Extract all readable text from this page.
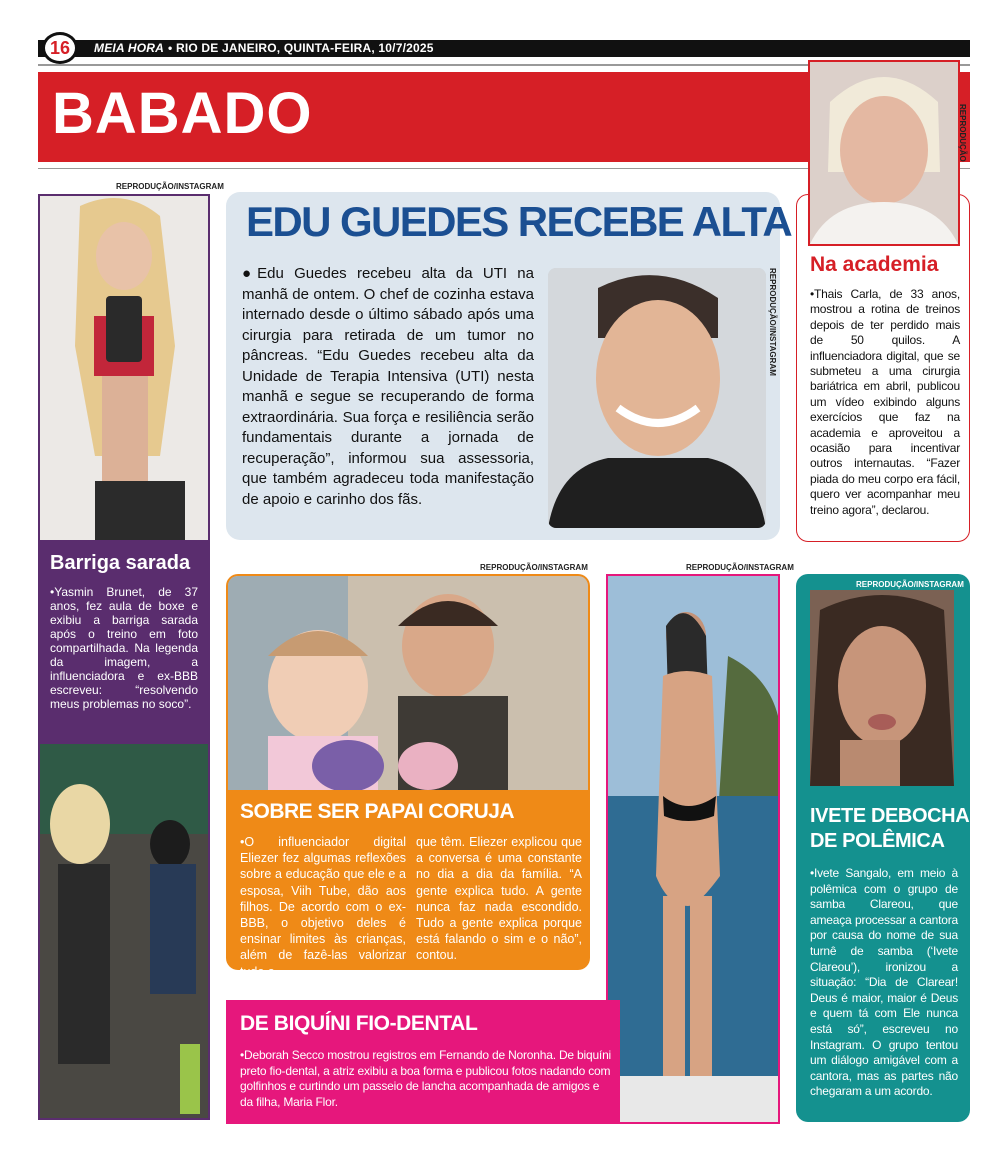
16	MEIA HORA • RIO DE JANEIRO, QUINTA-FEIRA, 10/7/2025
BABADO
REPRODUÇÃO/INSTAGRAM
Barriga sarada

•Yasmin Brunet, de 37 anos, fez aula de boxe e exibiu a barriga sarada após o treino em foto compartilhada. Na legenda da imagem, a influenciadora e ex-BBB escreveu: “resolvendo meus problemas no soco”.

EDU GUEDES RECEBE ALTA
●Edu Guedes recebeu alta da UTI na manhã de ontem. O chef de cozinha estava internado desde o último sábado após uma cirurgia para retirada de um tumor no pâncreas. “Edu Guedes recebeu alta da Unidade de Terapia Intensiva (UTI) nesta manhã e segue se recuperando de forma extraordinária. Sua força e resiliência serão fundamentais durante a jornada de recuperação”, informou sua assessoria, que também agradeceu toda manifestação de apoio e carinho dos fãs.
REPRODUÇÃO/INSTAGRAM
REPRODUÇÃO
Na academia
•Thais Carla, de 33 anos, mostrou a rotina de treinos depois de ter perdido mais de 50 quilos. A influenciadora digital, que se submeteu a uma cirurgia bariátrica em abril, publicou um vídeo exibindo alguns exercícios que faz na academia e aproveitou a ocasião para incentivar outros internautas. “Fazer piada do meu corpo era fácil, quero ver acompanhar meu treino agora”, declarou.
REPRODUÇÃO/INSTAGRAM
SOBRE SER PAPAI CORUJA
•O influenciador digital Eliezer fez algumas reflexões sobre a educação que ele e a esposa, Viih Tube, dão aos filhos. De acordo com o ex-BBB, o objetivo deles é ensinar limites às crianças, além de fazê-las valorizar tudo o
que têm. Eliezer explicou que a conversa é uma constante no dia a dia da família. “A gente explica tudo. A gente nunca faz nada escondido. Tudo a gente explica porque está falando o sim e o não”, contou.
REPRODUÇÃO/INSTAGRAM
DE BIQUÍNI FIO-DENTAL
•Deborah Secco mostrou registros em Fernando de Noronha. De biquíni preto fio-dental, a atriz exibiu a boa forma e publicou fotos nadando com golfinhos e curtindo um passeio de lancha acompanhada de amigos e da filha, Maria Flor.
REPRODUÇÃO/INSTAGRAM
IVETE DEBOCHA
DE POLÊMICA
•Ivete Sangalo, em meio à polêmica com o grupo de samba Clareou, que ameaça processar a cantora por causa do nome de sua turnê de samba (‘Ivete Clareou’), ironizou a situação: “Dia de Clarear! Deus é maior, maior é Deus e quem tá com Ele nunca está só”, escreveu no Instagram. O grupo tentou um diálogo amigável com a cantora, mas as partes não chegaram a um acordo.
